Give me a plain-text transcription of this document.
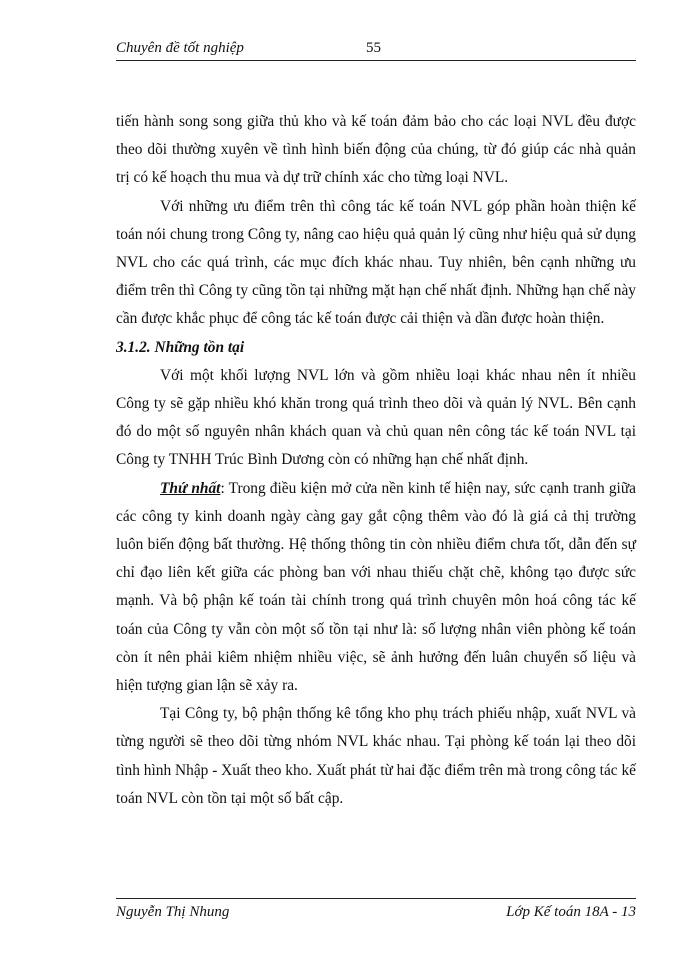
Chuyên đề tốt nghiệp	55

tiến hành song song giữa thủ kho và kế toán đảm bảo cho các loại NVL đều được theo dõi thường xuyên về tình hình biến động của chúng, từ đó giúp các nhà quản trị có kế hoạch thu mua và dự trữ chính xác cho từng loại NVL.

Với những ưu điểm trên thì công tác kế toán NVL góp phần hoàn thiện kế toán nói chung trong Công ty, nâng cao hiệu quả quản lý cũng như hiệu quả sử dụng NVL cho các quá trình, các mục đích khác nhau. Tuy nhiên, bên cạnh những ưu điểm trên thì Công ty cũng tồn tại những mặt hạn chế nhất định. Những hạn chế này cần được khắc phục để công tác kế toán được cải thiện và dần được hoàn thiện.

3.1.2. Những tồn tại

Với một khối lượng NVL lớn và gồm nhiều loại khác nhau nên ít nhiều Công ty sẽ gặp nhiều khó khăn trong quá trình theo dõi và quản lý NVL. Bên cạnh đó do một số nguyên nhân khách quan và chủ quan nên công tác kế toán NVL tại Công ty TNHH Trúc Bình Dương còn có những hạn chế nhất định.

Thứ nhất: Trong điều kiện mở cửa nền kinh tế hiện nay, sức cạnh tranh giữa các công ty kinh doanh ngày càng gay gắt cộng thêm vào đó là giá cả thị trường luôn biến động bất thường. Hệ thống thông tin còn nhiều điểm chưa tốt, dẫn đến sự chỉ đạo liên kết giữa các phòng ban với nhau thiếu chặt chẽ, không tạo được sức mạnh. Và bộ phận kế toán tài chính trong quá trình chuyên môn hoá công tác kế toán của Công ty vẫn còn một số tồn tại như là: số lượng nhân viên phòng kế toán còn ít nên phải kiêm nhiệm nhiều việc, sẽ ảnh hưởng đến luân chuyển số liệu và hiện tượng gian lận sẽ xảy ra.

Tại Công ty, bộ phận thống kê tổng kho phụ trách phiếu nhập, xuất NVL và từng người sẽ theo dõi từng nhóm NVL khác nhau. Tại phòng kế toán lại theo dõi tình hình Nhập - Xuất theo kho. Xuất phát từ hai đặc điểm trên mà trong công tác kế toán NVL còn tồn tại một số bất cập.

Nguyễn Thị Nhung	Lớp Kế toán 18A - 13
